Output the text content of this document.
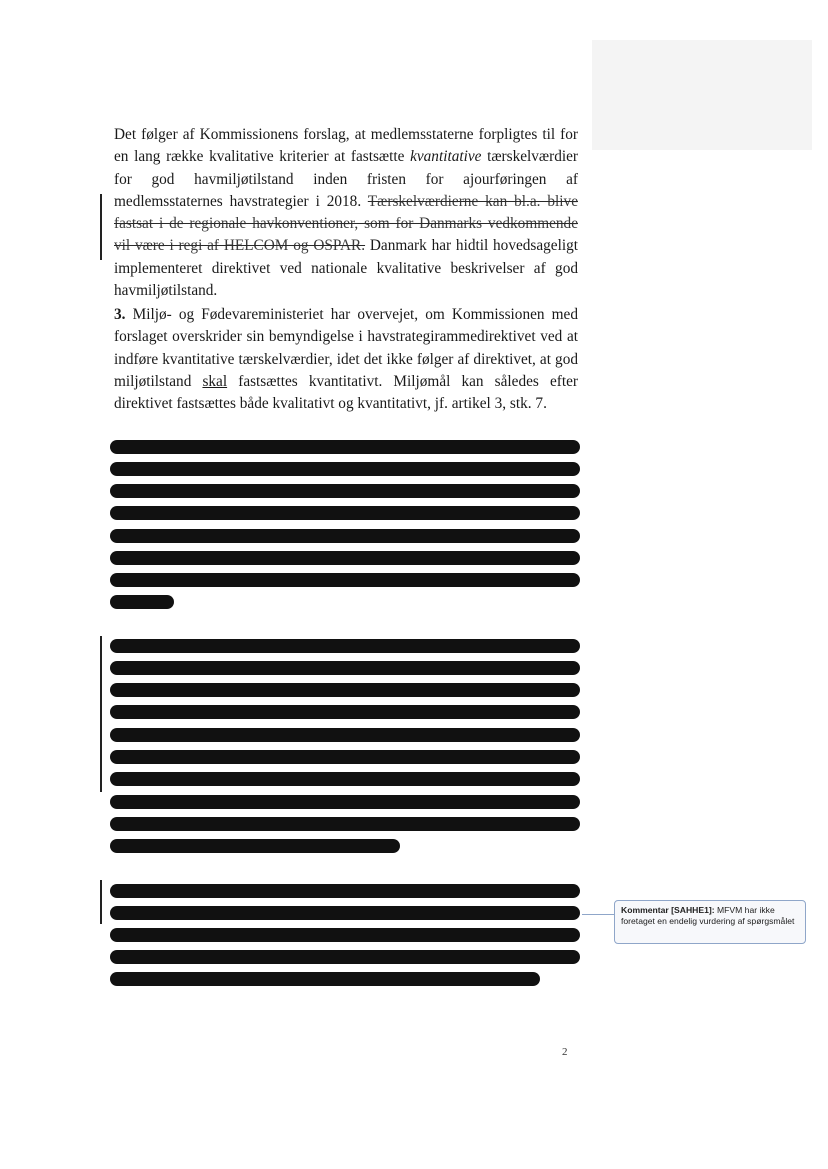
Det følger af Kommissionens forslag, at medlemsstaterne forpligtes til for en lang række kvalitative kriterier at fastsætte kvantitative tærskelværdier for god havmiljøtilstand inden fristen for ajourføringen af medlemsstaternes havstrategier i 2018. Tærskelværdierne kan bl.a. blive fastsat i de regionale havkonventioner, som for Danmarks vedkommende vil være i regi af HELCOM og OSPAR. Danmark har hidtil hovedsageligt implementeret direktivet ved nationale kvalitative beskrivelser af god havmiljøtilstand.

3. Miljø- og Fødevareministeriet har overvejet, om Kommissionen med forslaget overskrider sin bemyndigelse i havstrategirammedirektivet ved at indføre kvantitative tærskelværdier, idet det ikke følger af direktivet, at god miljøtilstand skal fastsættes kvantitativt. Miljømål kan således efter direktivet fastsættes både kvalitativt og kvantitativt, jf. artikel 3, stk. 7.

Kommentar [SAHHE1]: MFVM har ikke foretaget en endelig vurdering af spørgsmålet
2
